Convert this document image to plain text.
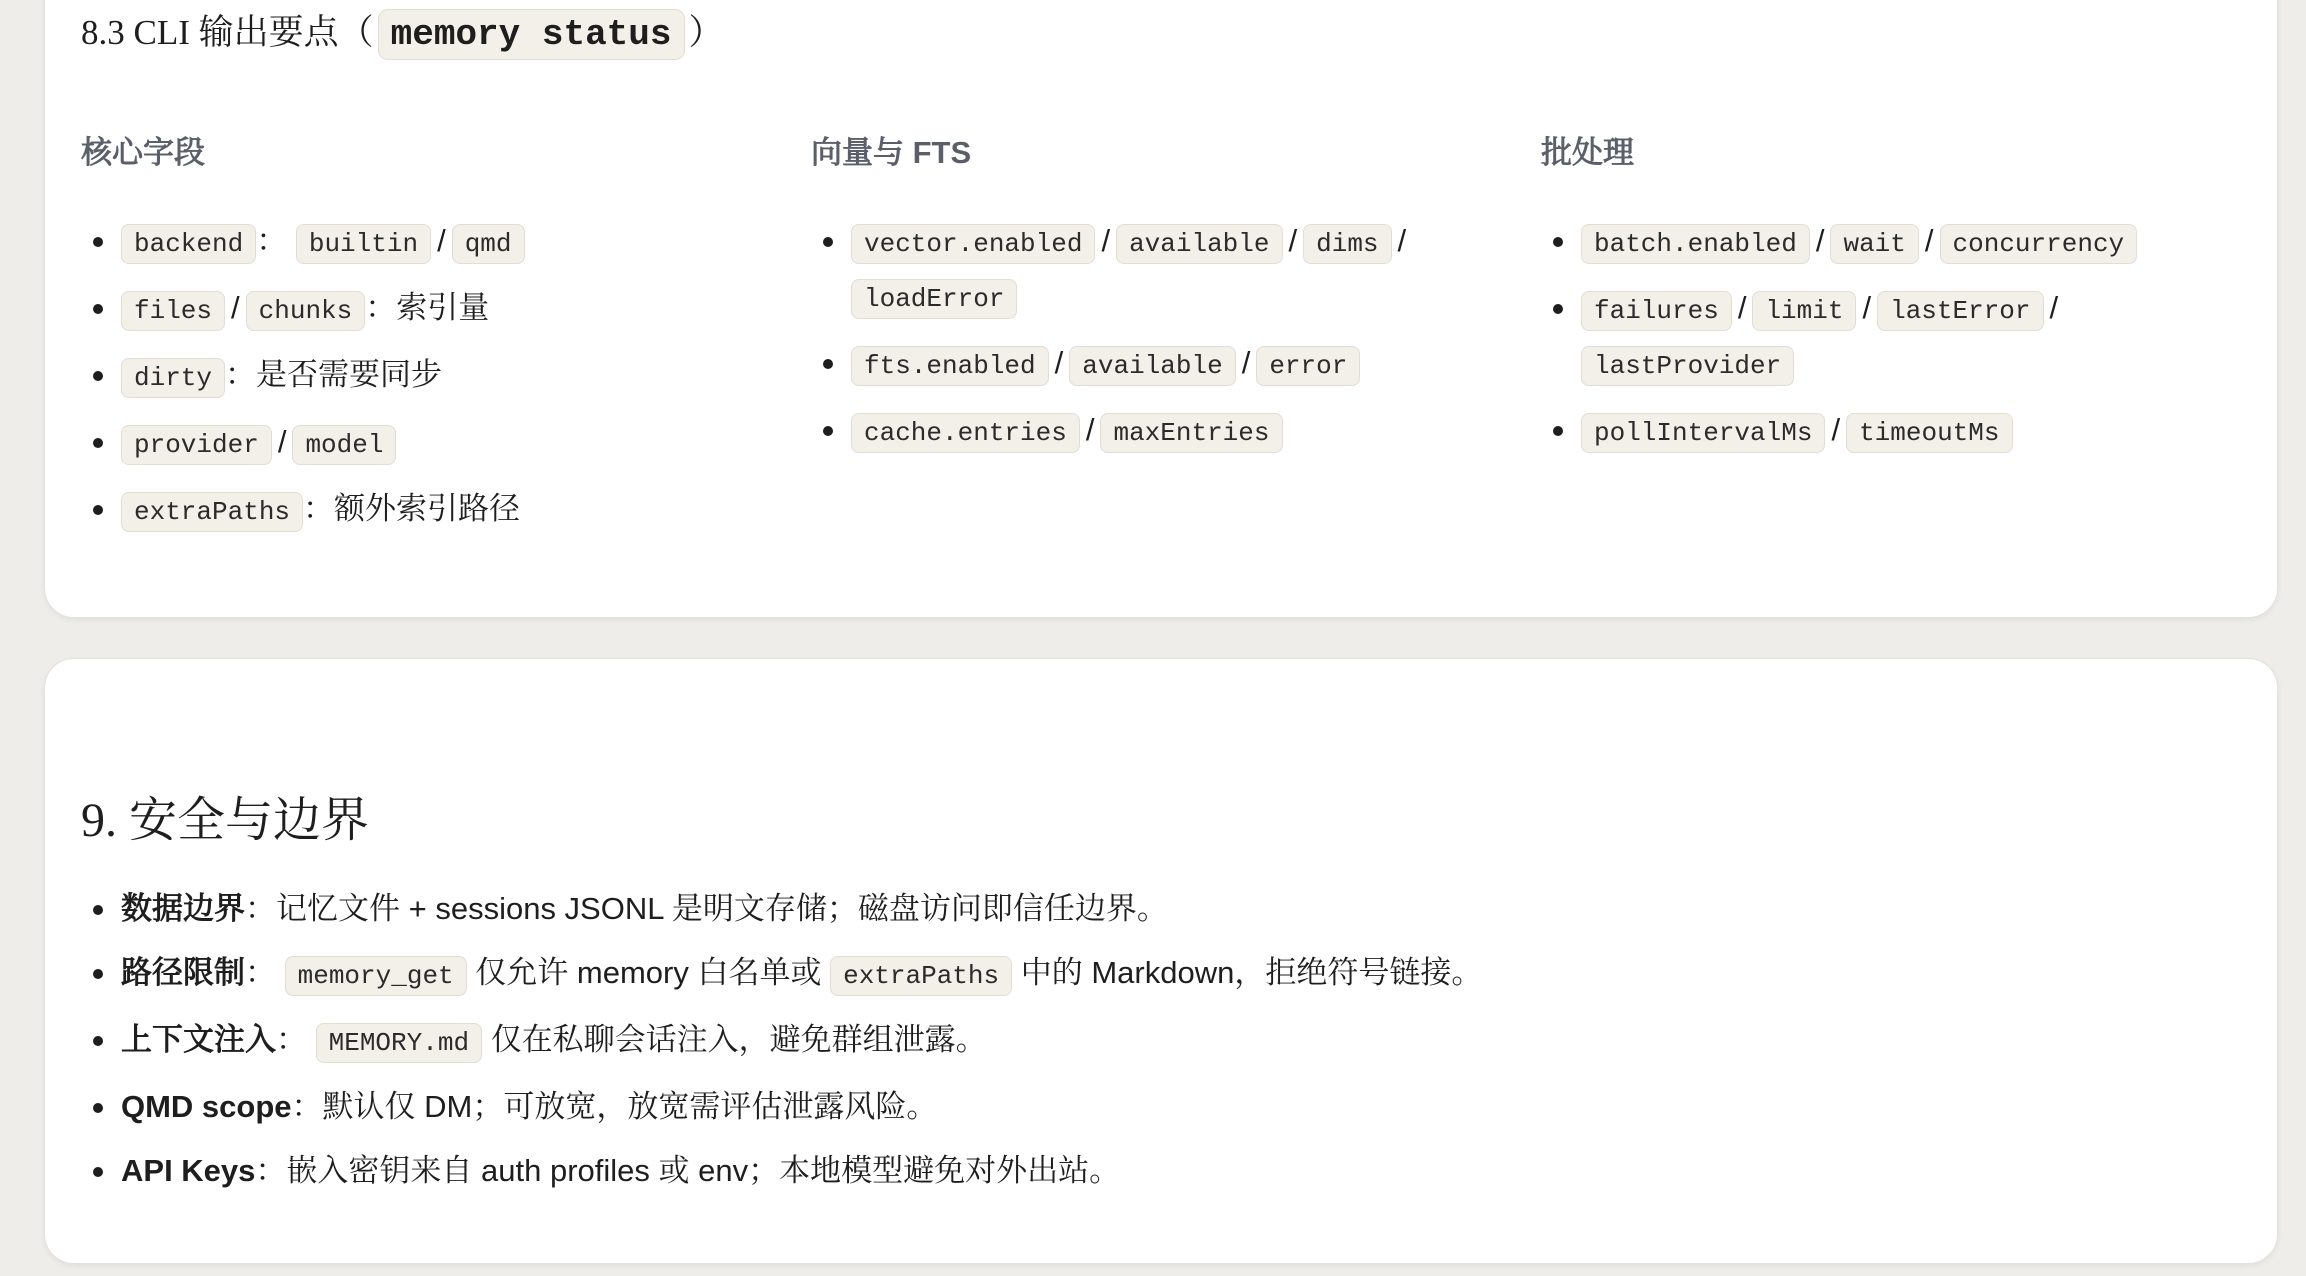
8.3 CLI 输出要点（ memory status ）
核心字段
backend ： builtin / qmd
files / chunks ：索引量
dirty ：是否需要同步
provider / model
extraPaths ：额外索引路径
向量与 FTS
vector.enabled / available / dims /
loadError
fts.enabled / available / error
cache.entries / maxEntries
批处理
batch.enabled / wait / concurrency
failures / limit / lastError /
lastProvider
pollIntervalMs / timeoutMs
9. 安全与边界
数据边界：记忆文件 + sessions JSONL 是明文存储；磁盘访问即信任边界。
路径限制： memory_get 仅允许 memory 白名单或 extraPaths 中的 Markdown，拒绝符号链接。
上下文注入： MEMORY.md 仅在私聊会话注入，避免群组泄露。
QMD scope：默认仅 DM；可放宽，放宽需评估泄露风险。
API Keys：嵌入密钥来自 auth profiles 或 env；本地模型避免对外出站。
